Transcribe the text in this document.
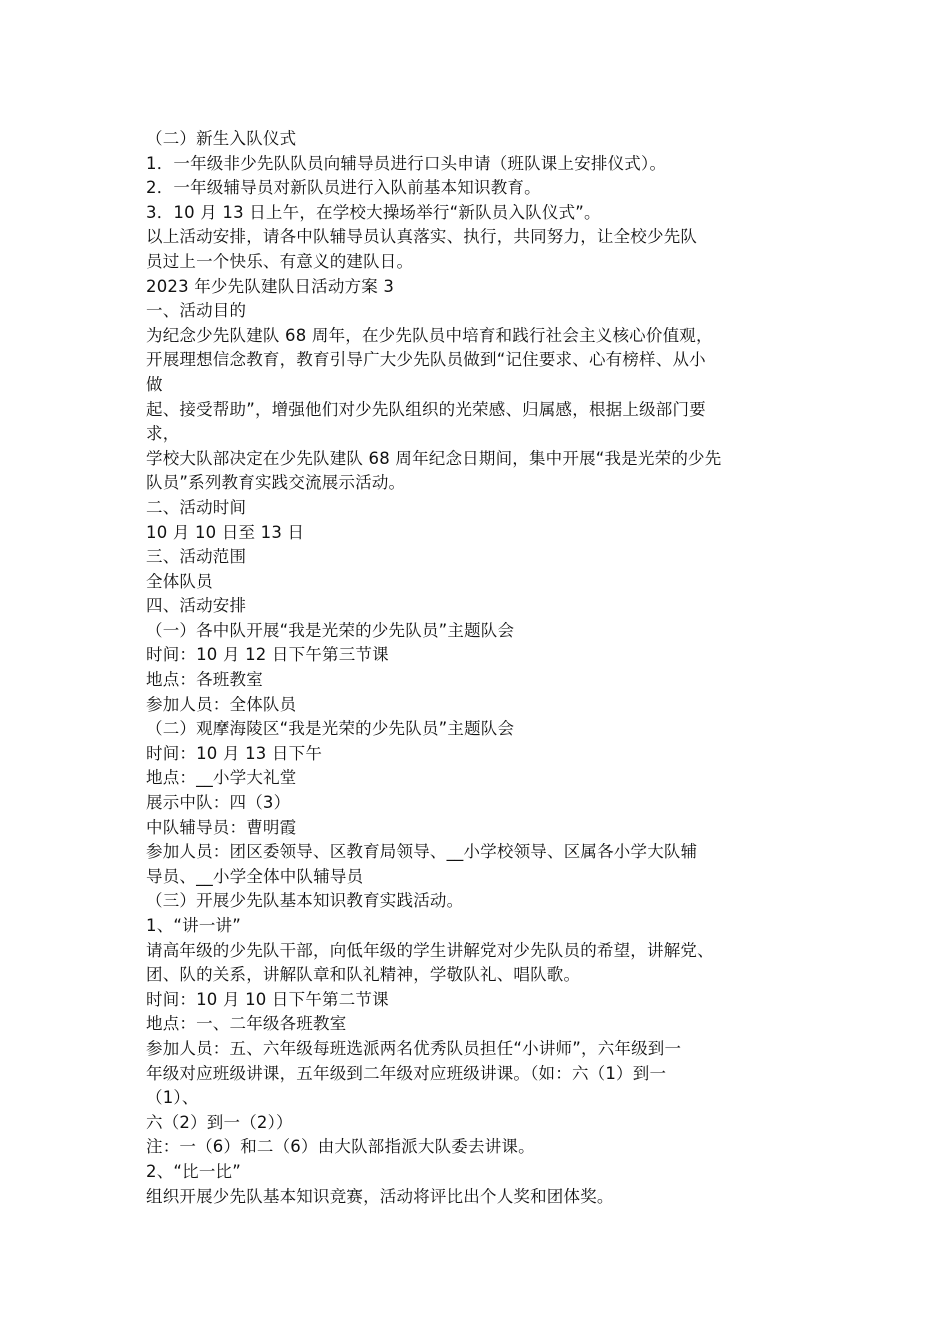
（二）新生入队仪式
1．一年级非少先队队员向辅导员进行口头申请（班队课上安排仪式）。
2．一年级辅导员对新队员进行入队前基本知识教育。
3．10 月 13 日上午，在学校大操场举行“新队员入队仪式”。
以上活动安排，请各中队辅导员认真落实、执行，共同努力，让全校少先队
员过上一个快乐、有意义的建队日。
2023 年少先队建队日活动方案 3
一、活动目的
为纪念少先队建队 68 周年，在少先队员中培育和践行社会主义核心价值观，
开展理想信念教育，教育引导广大少先队员做到“记住要求、心有榜样、从小
做
起、接受帮助”，增强他们对少先队组织的光荣感、归属感，根据上级部门要
求，
学校大队部决定在少先队建队 68 周年纪念日期间，集中开展“我是光荣的少先
队员”系列教育实践交流展示活动。
二、活动时间
10 月 10 日至 13 日
三、活动范围
全体队员
四、活动安排
（一）各中队开展“我是光荣的少先队员”主题队会
时间：10 月 12 日下午第三节课
地点：各班教室
参加人员：全体队员
（二）观摩海陵区“我是光荣的少先队员”主题队会
时间：10 月 13 日下午
地点：__小学大礼堂
展示中队：四（3）
中队辅导员：曹明霞
参加人员：团区委领导、区教育局领导、__小学校领导、区属各小学大队辅
导员、__小学全体中队辅导员
（三）开展少先队基本知识教育实践活动。
1、“讲一讲”
请高年级的少先队干部，向低年级的学生讲解党对少先队员的希望，讲解党、
团、队的关系，讲解队章和队礼精神，学敬队礼、唱队歌。
时间：10 月 10 日下午第二节课
地点：一、二年级各班教室
参加人员：五、六年级每班选派两名优秀队员担任“小讲师”，六年级到一
年级对应班级讲课，五年级到二年级对应班级讲课。（如：六（1）到一
（1）、
六（2）到一（2））
注：一（6）和二（6）由大队部指派大队委去讲课。
2、“比一比”
组织开展少先队基本知识竞赛，活动将评比出个人奖和团体奖。
